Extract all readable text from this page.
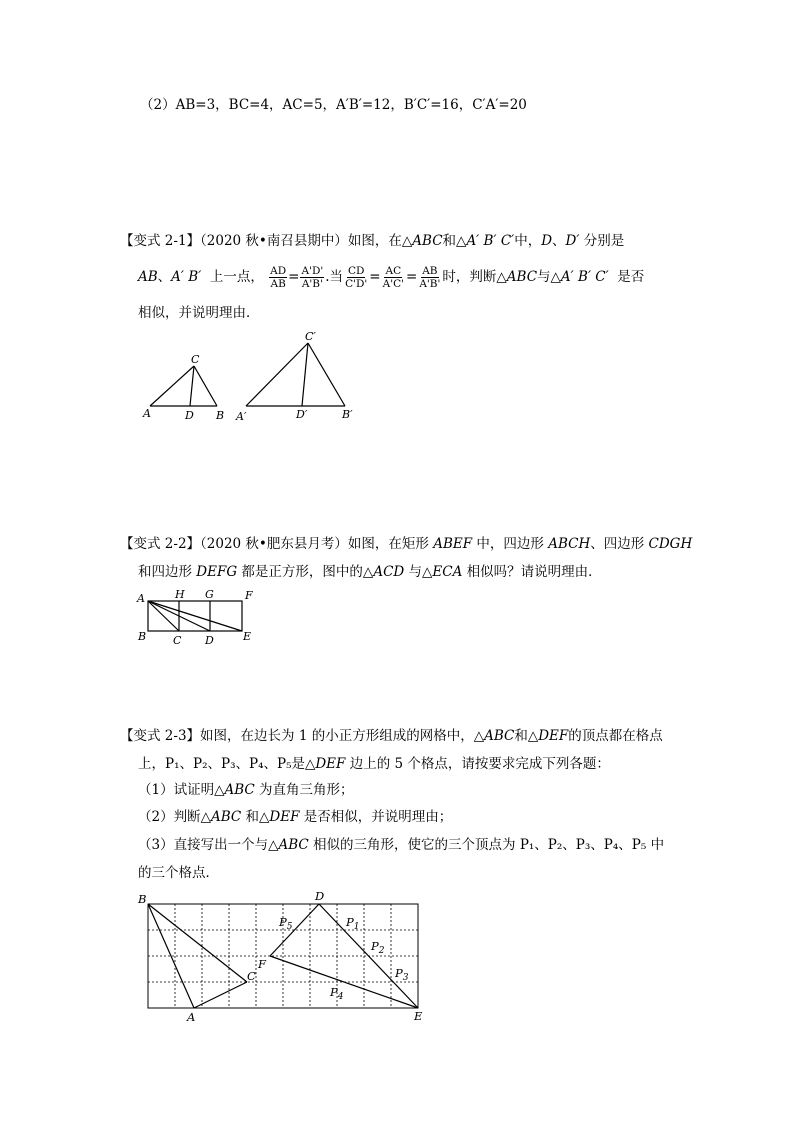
（2）AB=3，BC=4，AC=5，A′B′=12，B′C′=16，C′A′=20
【变式 2-1】（2020 秋•南召县期中）如图，在△ABC和△A′ B′ C′中，D、D′ 分别是
AB、A′ B′ 上一点， $\frac{AD}{AB} = \frac{A'D'}{A'B'}$ .当 $\frac{CD}{C'D'} = \frac{AC}{A'C'} = \frac{AB}{A'B'}$ 时，判断△ABC与△A′ B′ C′ 是否
相似，并说明理由．
A	D B
C
A′	D′	B′
C′
【变式 2-2】（2020 秋•肥东县月考）如图，在矩形 ABEF 中，四边形 ABCH、四边形 CDGH
和四边形 DEFG 都是正方形，图中的△ACD 与△ECA 相似吗？请说明理由．
A	H G	F
B C D	E
【变式 2-3】如图，在边长为 1 的小正方形组成的网格中，△ABC和△DEF的顶点都在格点
上，P₁、P₂、P₃、P₄、P₅是△DEF 边上的 5 个格点，请按要求完成下列各题：
（1）试证明△ABC 为直角三角形；
（2）判断△ABC 和△DEF 是否相似，并说明理由；
（3）直接写出一个与△ABC 相似的三角形，使它的三个顶点为 P₁、P₂、P₃、P₄、P₅ 中
的三个格点．
B
A
C
F
D
E
$P_5$	$P_1$
$P_2$
$P_3$
$P_4$
